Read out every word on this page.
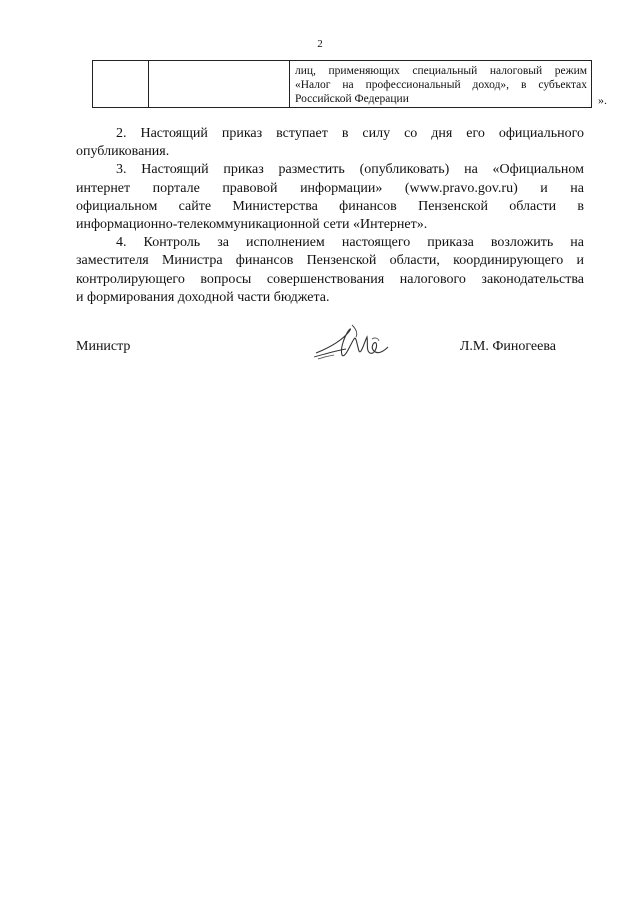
2
лиц, применяющих специальный налоговый режим
«Налог на профессиональный доход», в субъектах
Российской Федерации	».
2. Настоящий приказ вступает в силу со дня его официального
опубликования.
3. Настоящий приказ разместить (опубликовать) на «Официальном
интернет портале правовой информации» (www.pravo.gov.ru) и на
официальном сайте Министерства финансов Пензенской области в
информационно-телекоммуникационной сети «Интернет».
4. Контроль за исполнением настоящего приказа возложить на
заместителя Министра финансов Пензенской области, координирующего и
контролирующего вопросы совершенствования налогового законодательства
и формирования доходной части бюджета.
Министр	Л.М. Финогеева
